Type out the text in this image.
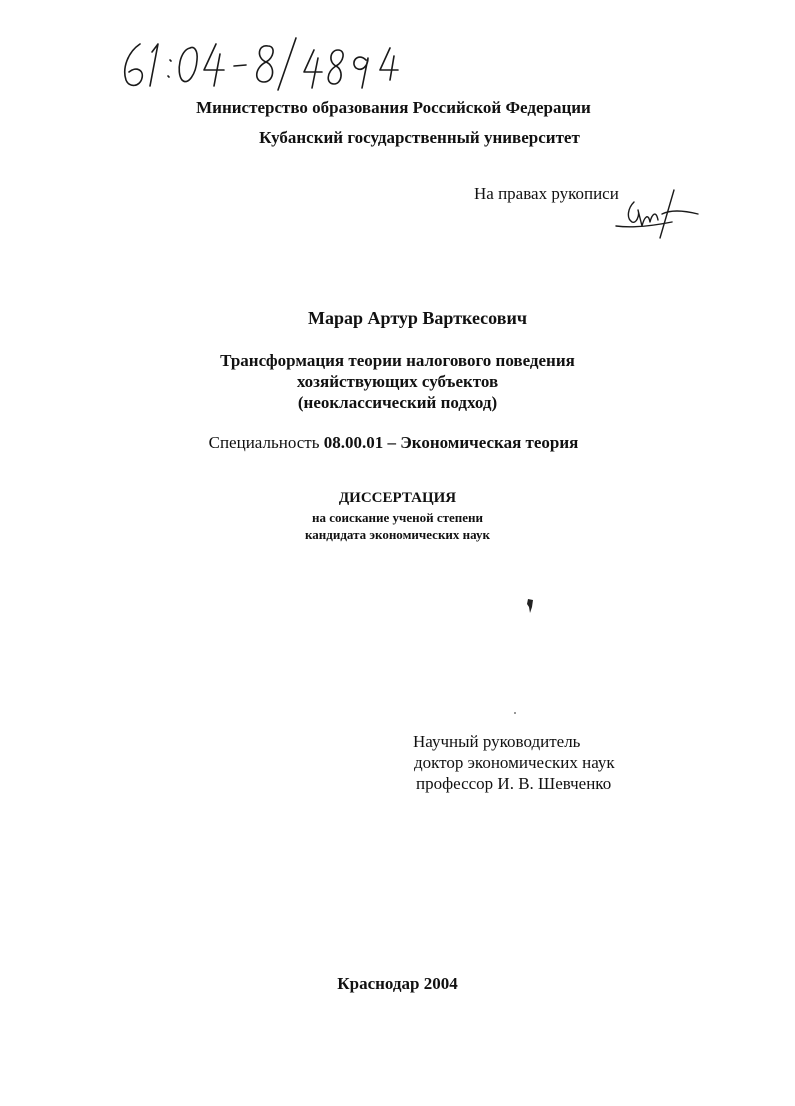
Министерство образования Российской Федерации
Кубанский государственный университет
На правах рукописи
Марар Артур Варткесович
Трансформация теории налогового поведения
хозяйствующих субъектов
(неоклассический подход)
Специальность 08.00.01 – Экономическая теория
ДИССЕРТАЦИЯ
на соискание ученой степени
кандидата экономических наук
Научный руководитель
доктор экономических наук
профессор И. В. Шевченко
Краснодар 2004
